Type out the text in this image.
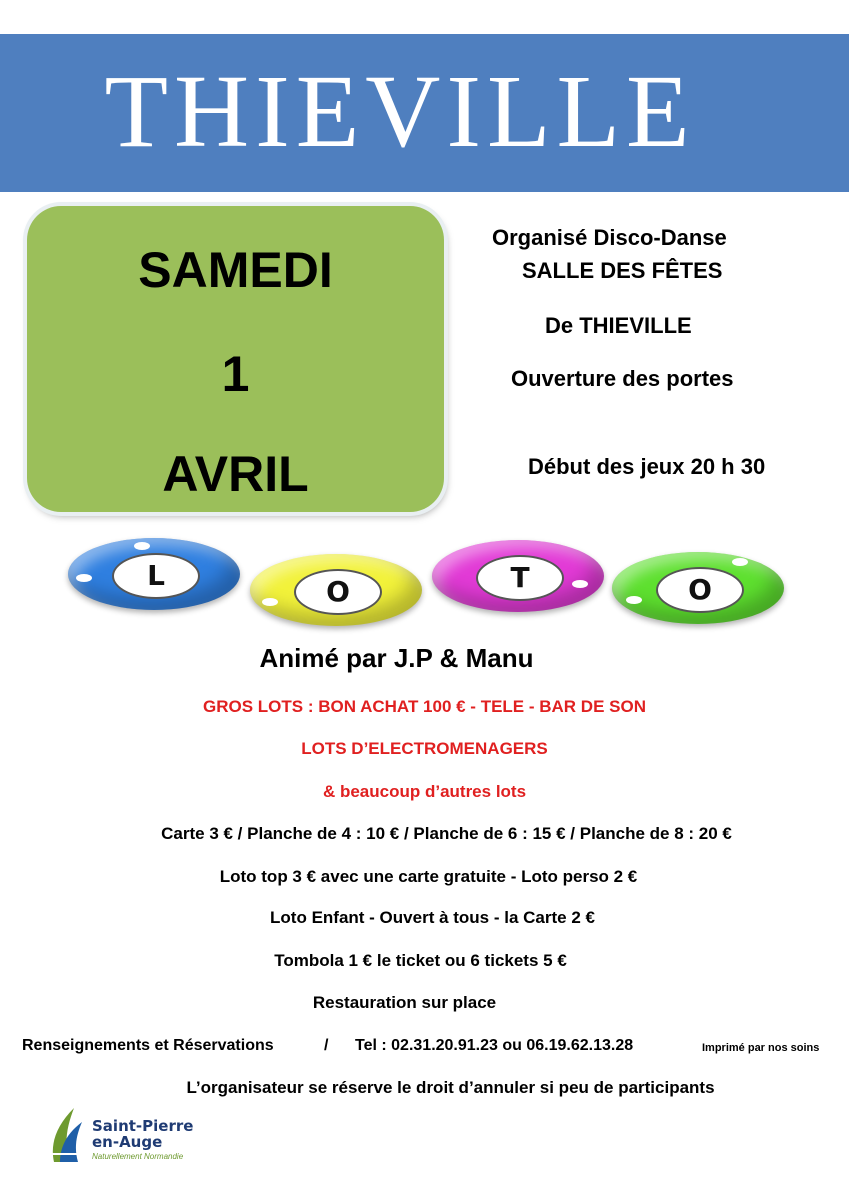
THIEVILLE
SAMEDI
1
AVRIL
Organisé Disco-Danse
SALLE DES FÊTES
De THIEVILLE
Ouverture des portes
Début des jeux 20 h 30
L	O	T	O
Animé par J.P & Manu
GROS LOTS : BON ACHAT 100 € - TELE - BAR DE SON
LOTS D’ELECTROMENAGERS
& beaucoup d’autres lots
Carte 3 € / Planche de 4 : 10 € / Planche de 6 : 15 € / Planche de 8 : 20 €
Loto top 3 € avec une carte gratuite - Loto perso 2 €
Loto Enfant - Ouvert à tous - la Carte 2 €
Tombola 1 € le ticket ou 6 tickets 5 €
Restauration sur place
Renseignements et Réservations	/ Tel : 02.31.20.91.23 ou 06.19.62.13.28	Imprimé par nos soins
L’organisateur se réserve le droit d’annuler si peu de participants
Saint-Pierre
en-Auge
Naturellement Normandie
